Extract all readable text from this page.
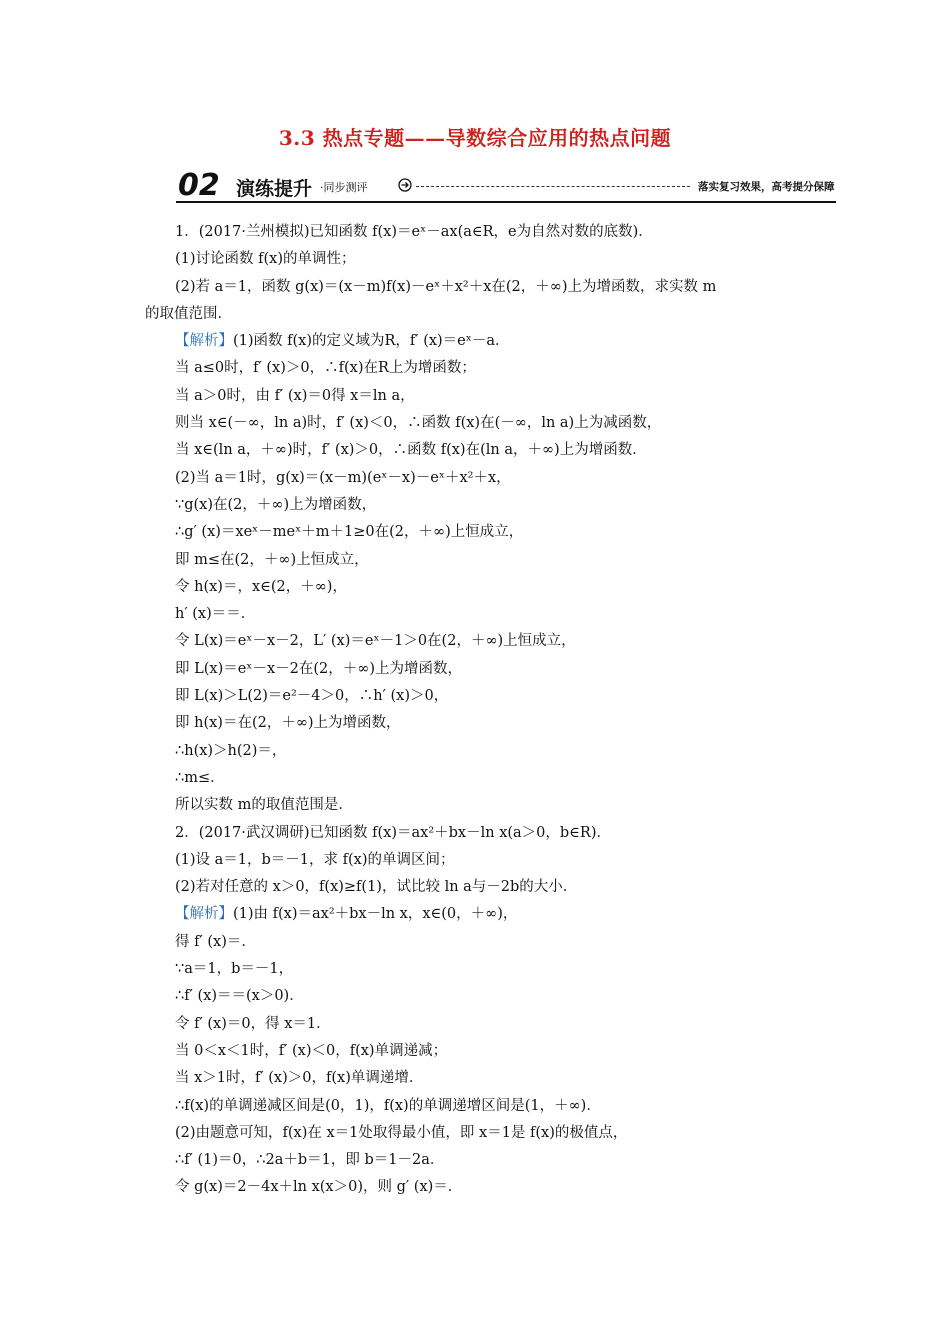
3.3 热点专题——导数综合应用的热点问题
02 演练提升 ·同步测评	落实复习效果，高考提分保障
1．(2017·兰州模拟)已知函数 f(x)＝eˣ－ax(a∈R，e为自然对数的底数)．
(1)讨论函数 f(x)的单调性；
(2)若 a＝1，函数 g(x)＝(x－m)f(x)－eˣ＋x²＋x在(2，＋∞)上为增函数，求实数 m
的取值范围．
【解析】(1)函数 f(x)的定义域为R，f′ (x)＝eˣ－a．
当 a≤0时，f′ (x)＞0，∴f(x)在R上为增函数；
当 a＞0时，由 f′ (x)＝0得 x＝ln a，
则当 x∈(－∞，ln a)时，f′ (x)＜0，∴函数 f(x)在(－∞，ln a)上为减函数，
当 x∈(ln a，＋∞)时，f′ (x)＞0，∴函数 f(x)在(ln a，＋∞)上为增函数．
(2)当 a＝1时，g(x)＝(x－m)(eˣ－x)－eˣ＋x²＋x，
∵g(x)在(2，＋∞)上为增函数，
∴g′ (x)＝xeˣ－meˣ＋m＋1≥0在(2，＋∞)上恒成立，
即 m≤在(2，＋∞)上恒成立，
令 h(x)＝，x∈(2，＋∞)，
h′ (x)＝＝．
令 L(x)＝eˣ－x－2，L′ (x)＝eˣ－1＞0在(2，＋∞)上恒成立，
即 L(x)＝eˣ－x－2在(2，＋∞)上为增函数，
即 L(x)＞L(2)＝e²－4＞0，∴h′ (x)＞0，
即 h(x)＝在(2，＋∞)上为增函数，
∴h(x)＞h(2)＝，
∴m≤．
所以实数 m的取值范围是．
2．(2017·武汉调研)已知函数 f(x)＝ax²＋bx－ln x(a＞0，b∈R)．
(1)设 a＝1，b＝－1，求 f(x)的单调区间；
(2)若对任意的 x＞0，f(x)≥f(1)，试比较 ln a与－2b的大小．
【解析】(1)由 f(x)＝ax²＋bx－ln x，x∈(0，＋∞)，
得 f′ (x)＝．
∵a＝1，b＝－1，
∴f′ (x)＝＝(x＞0)．
令 f′ (x)＝0，得 x＝1．
当 0＜x＜1时，f′ (x)＜0，f(x)单调递减；
当 x＞1时，f′ (x)＞0，f(x)单调递增．
∴f(x)的单调递减区间是(0，1)，f(x)的单调递增区间是(1，＋∞)．
(2)由题意可知，f(x)在 x＝1处取得最小值，即 x＝1是 f(x)的极值点，
∴f′ (1)＝0，∴2a＋b＝1，即 b＝1－2a．
令 g(x)＝2－4x＋ln x(x＞0)，则 g′ (x)＝．
